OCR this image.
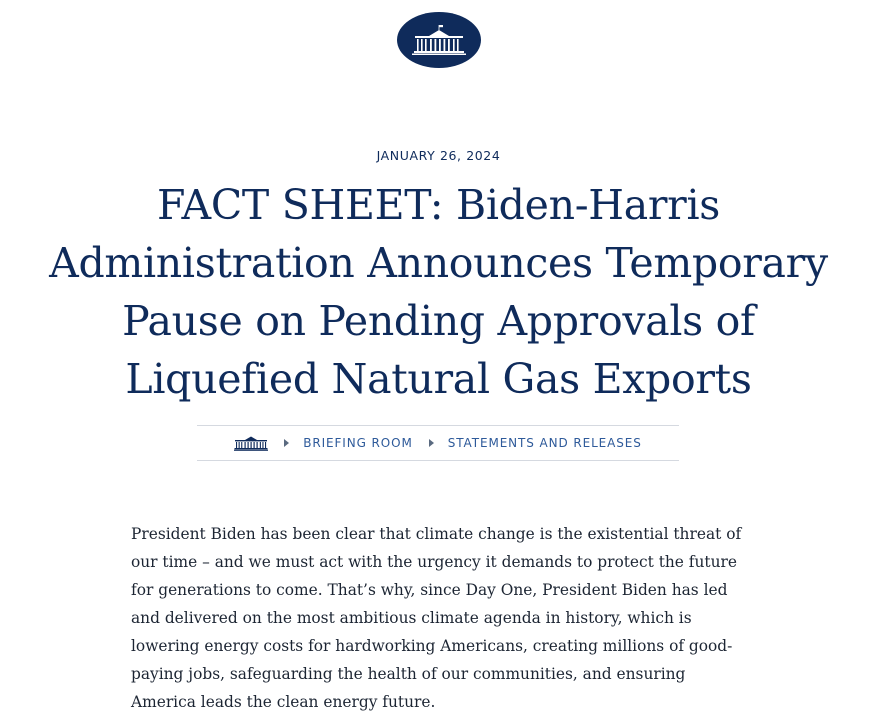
JANUARY 26, 2024
FACT SHEET: Biden-Harris Administration Announces Temporary Pause on Pending Approvals of Liquefied Natural Gas Exports
BRIEFING ROOM	STATEMENTS AND RELEASES

President Biden has been clear that climate change is the existential threat of our time – and we must act with the urgency it demands to protect the future for generations to come. That’s why, since Day One, President Biden has led and delivered on the most ambitious climate agenda in history, which is lowering energy costs for hardworking Americans, creating millions of good-paying jobs, safeguarding the health of our communities, and ensuring America leads the clean energy future.
